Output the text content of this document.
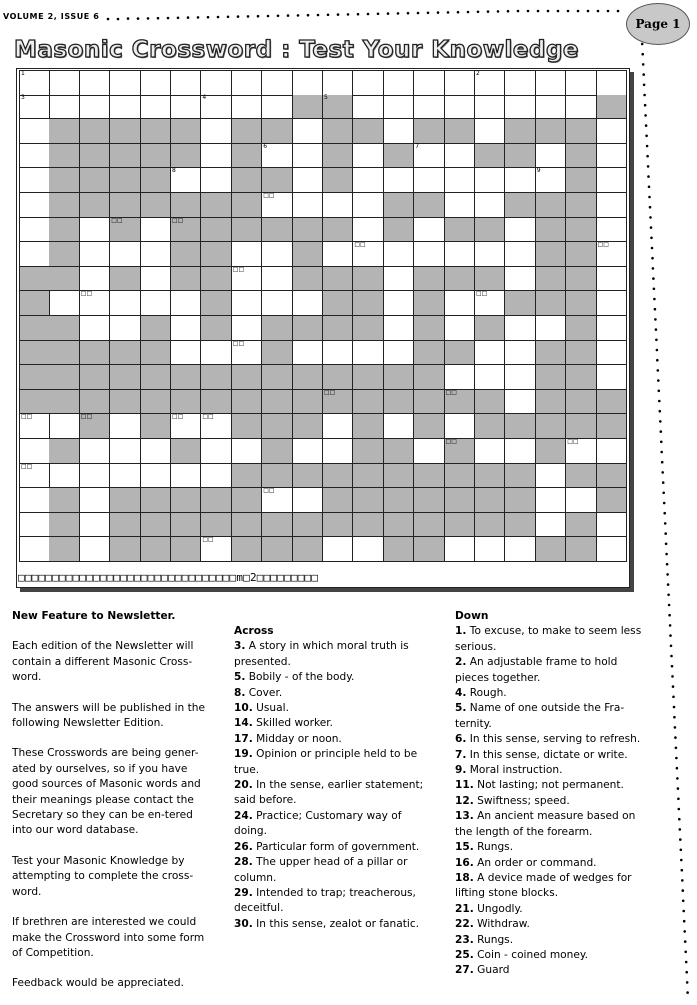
VOLUME 2, ISSUE 6
Page 1
Masonic Crossword : Test Your Knowledge
1	2
3	4	5
6	7
8	9
□□
□□	□□
□□	□□
□□
□□	□□
□□
□□	□□
□□	□□	□□	□□
□□	□□
□□
□□
□□
□□□□□□□□□□□□□□□□□□□□□□□□□□□□□□□□m□2□□□□□□□□□

New Feature to Newsletter.

Each edition of the Newsletter will contain a different Masonic Cross-word.

The answers will be published in the following Newsletter Edition.

These Crosswords are being gener-ated by ourselves, so if you have good sources of Masonic words and their meanings please contact the Secretary so they can be en-tered into our word database.

Test your Masonic Knowledge by attempting to complete the cross-word.

If brethren are interested we could make the Crossword into some form of Competition.

Feedback would be appreciated.

Across

3. A story in which moral truth is presented.

5. Bobily - of the body.

8. Cover.

10. Usual.

14. Skilled worker.

17. Midday or noon.

19. Opinion or principle held to be true.

20. In the sense, earlier statement; said before.

24. Practice; Customary way of doing.

26. Particular form of government.

28. The upper head of a pillar or column.

29. Intended to trap; treacherous, deceitful.

30. In this sense, zealot or fanatic.

Down

1. To excuse, to make to seem less serious.

2. An adjustable frame to hold pieces together.

4. Rough.

5. Name of one outside the Fra-ternity.

6. In this sense, serving to refresh.

7. In this sense, dictate or write.

9. Moral instruction.

11. Not lasting; not permanent.

12. Swiftness; speed.

13. An ancient measure based on the length of the forearm.

15. Rungs.

16. An order or command.

18. A device made of wedges for lifting stone blocks.

21. Ungodly.

22. Withdraw.

23. Rungs.

25. Coin - coined money.

27. Guard
